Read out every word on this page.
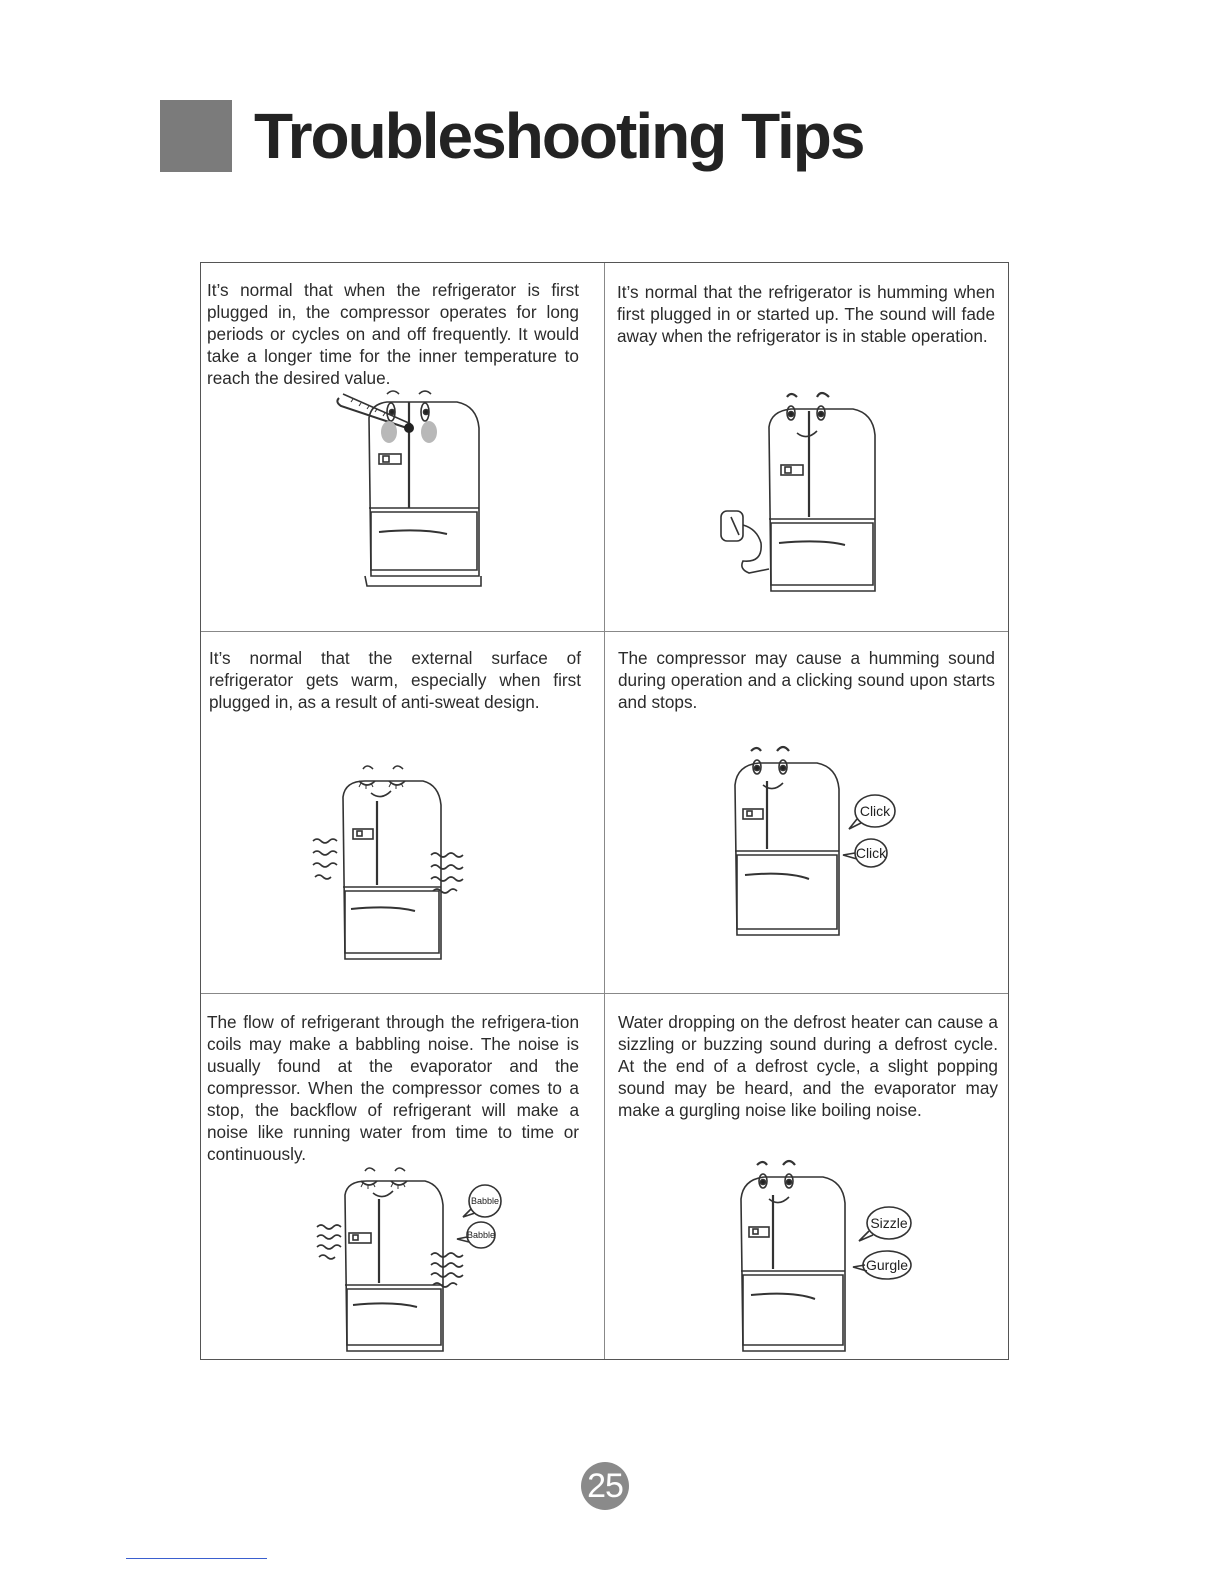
Troubleshooting Tips

It’s normal that when the refrigerator is first plugged in, the compressor operates for long periods or cycles on and off frequently. It would take a longer time for the inner temperature to reach the desired value.

It’s normal that the refrigerator is humming when first plugged in or started up. The sound will fade away when the refrigerator is in stable operation.

It’s normal that the external surface of refrigerator gets warm, especially when first plugged in, as a result of anti-sweat design.

The compressor may cause a humming sound during operation and a clicking sound upon starts and stops.

Click
Click

The flow of refrigerant through the refrigera-tion coils may make a babbling noise. The noise is usually found at the evaporator and the compressor. When the compressor comes to a stop, the backflow of refrigerant will make a noise like running water from time to time or continuously.

Babble
Babble

Water dropping on the defrost heater can cause a sizzling or buzzing sound during a defrost cycle. At the end of a defrost cycle, a slight popping sound may be heard, and the evaporator may make a gurgling noise like boiling noise.

Sizzle
Gurgle
25
